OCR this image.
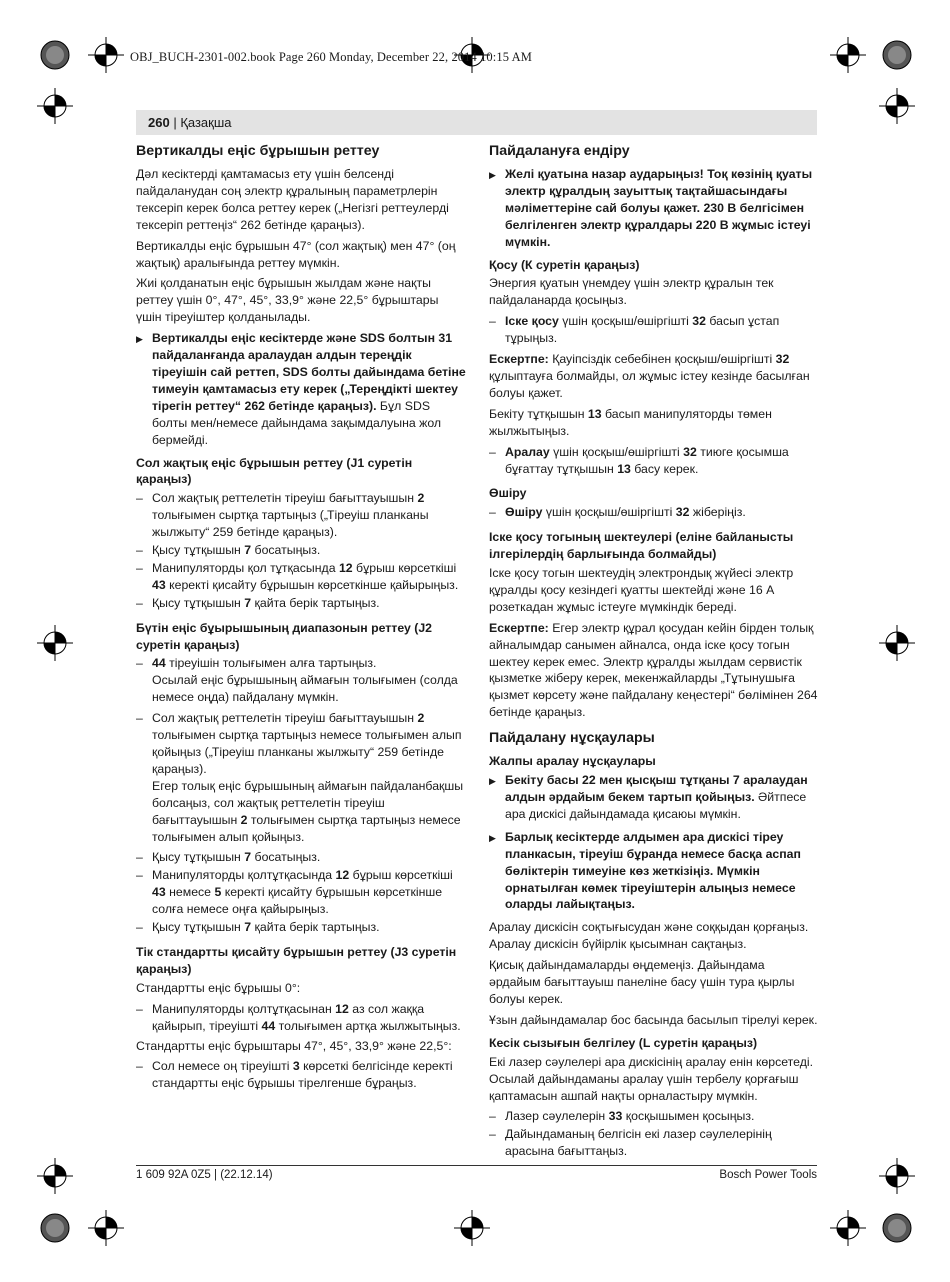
OBJ_BUCH-2301-002.book Page 260 Monday, December 22, 2014 10:15 AM
260 | Қазақша
Вертикалды еңіс бұрышын реттеу

Дәл кесіктерді қамтамасыз ету үшін белсенді пайдаланудан соң электр құралының параметрлерін тексеріп керек болса реттеу керек („Негізгі реттеулерді тексеріп реттеңіз“ 262 бетінде қараңыз).

Вертикалды еңіс бұрышын 47° (сол жақтық) мен 47° (оң жақтық) аралығында реттеу мүмкін.

Жиі қолданатын еңіс бұрышын жылдам және нақты реттеу үшін 0°, 47°, 45°, 33,9° және 22,5° бұрыштары үшін тіреуіштер қолданылады.

▶ Вертикалды еңіс кесіктерде және SDS болтын 31 пайдаланғанда аралаудан алдын тереңдік тіреуішін сай реттеп, SDS болты дайындама бетіне тимеуін қамтамасыз ету керек („Тереңдікті шектеу тірегін реттеу“ 262 бетінде қараңыз). Бұл SDS болты мен/немесе дайындама зақымдалуына жол бермейді.
Сол жақтық еңіс бұрышын реттеу (J1 суретін қараңыз)
– Сол жақтық реттелетін тіреуіш бағыттауышын 2 толығымен сыртқа тартыңыз („Тіреуіш планканы жылжыту“ 259 бетінде қараңыз).
– Қысу тұтқышын 7 босатыңыз.
– Манипуляторды қол тұтқасында 12 бұрыш көрсеткіші 43 керекті қисайту бұрышын көрсеткінше қайырыңыз.
– Қысу тұтқышын 7 қайта берік тартыңыз.
Бүтін еңіс бұырышының диапазонын реттеу (J2 суретін қараңыз)
– 44 тіреуішін толығымен алға тартыңыз.
Осылай еңіс бұрышының аймағын толығымен (солда немесе оңда) пайдалану мүмкін.
– Сол жақтық реттелетін тіреуіш бағыттауышын 2 толығымен сыртқа тартыңыз немесе толығымен алып қойыңыз („Тіреуіш планканы жылжыту“ 259 бетінде қараңыз).
Егер толық еңіс бұрышының аймағын пайдаланбақшы болсаңыз, сол жақтық реттелетін тіреуіш бағыттауышын 2 толығымен сыртқа тартыңыз немесе толығымен алып қойыңыз.
– Қысу тұтқышын 7 босатыңыз.
– Манипуляторды қолтұтқасында 12 бұрыш көрсеткіші 43 немесе 5 керекті қисайту бұрышын көрсеткінше солға немесе оңға қайырыңыз.
– Қысу тұтқышын 7 қайта берік тартыңыз.
Тік стандартты қисайту бұрышын реттеу (J3 суретін қараңыз)

Стандартты еңіс бұрышы 0°:

– Манипуляторды қолтұтқасынан 12 аз сол жаққа қайырып, тіреуішті 44 толығымен артқа жылжытыңыз.

Стандартты еңіс бұрыштары 47°, 45°, 33,9° және 22,5°:

– Сол немесе оң тіреуішті 3 көрсеткі белгісінде керекті стандартты еңіс бұрышы тірелгенше бұраңыз.
Пайдалануға ендіру
▶ Желі қуатына назар аударыңыз! Тоқ көзінің қуаты электр құралдың зауыттық тақтайшасындағы мәліметтеріне сай болуы қажет. 230 В белгісімен белгіленген электр құралдары 220 В жұмыс істеуі мүмкін.
Қосу (К суретін қараңыз)

Энергия қуатын үнемдеу үшін электр құралын тек пайдаланарда қосыңыз.

– Іске қосу үшін қосқыш/өшіргішті 32 басып ұстап тұрыңыз.

Ескертпе: Қауіпсіздік себебінен қосқыш/өшіргішті 32 құлыптауға болмайды, ол жұмыс істеу кезінде басылған болуы қажет.

Бекіту тұтқышын 13 басып манипуляторды төмен жылжытыңыз.

– Аралау үшін қосқыш/өшіргішті 32 тиюге қосымша бұғаттау тұтқышын 13 басу керек.
Өшіру
– Өшіру үшін қосқыш/өшіргішті 32 жіберіңіз.
Іске қосу тогының шектеулері (еліне байланысты ілгерілердің барлығында болмайды)

Іске қосу тогын шектеудің электрондық жүйесі электр құралды қосу кезіндегі қуатты шектейді және 16 А розеткадан жұмыс істеуге мүмкіндік береді.

Ескертпе: Егер электр құрал қосудан кейін бірден толық айналымдар санымен айналса, онда іске қосу тогын шектеу керек емес. Электр құралды жылдам сервистік қызметке жіберу керек, мекенжайларды „Тұтынушыға қызмет көрсету және пайдалану кеңестері“ бөлімінен 264 бетінде қараңыз.

Пайдалану нұсқаулары
Жалпы аралау нұсқаулары
▶ Бекіту басы 22 мен қысқыш тұтқаны 7 аралаудан алдын әрдайым бекем тартып қойыңыз. Әйтпесе ара дискісі дайындамада қисаюы мүмкін.
▶ Барлық кесіктерде алдымен ара дискісі тіреу планкасын, тіреуіш бұранда немесе басқа аспап бөліктерін тимеуіне көз жеткізіңіз. Мүмкін орнатылған көмек тіреуіштерін алыңыз немесе оларды лайықтаңыз.

Аралау дискісін соқтығысудан және соққыдан қорғаңыз. Аралау дискісін бүйірлік қысымнан сақтаңыз.

Қисық дайындамаларды өңдемеңіз. Дайындама әрдайым бағыттауыш панеліне басу үшін тура қырлы болуы керек.

Ұзын дайындамалар бос басында басылып тірелуі керек.

Кесік сызығын белгілеу (L суретін қараңыз)

Екі лазер сәулелері ара дискісінің аралау енін көрсетеді. Осылай дайындаманы аралау үшін тербелу қорғағыш қаптамасын ашпай нақты орналастыру мүмкін.

– Лазер сәулелерін 33 қосқышымен қосыңыз.
– Дайындаманың белгісін екі лазер сәулелерінің арасына бағыттаңыз.
1 609 92A 0Z5 | (22.12.14)	Bosch Power Tools
